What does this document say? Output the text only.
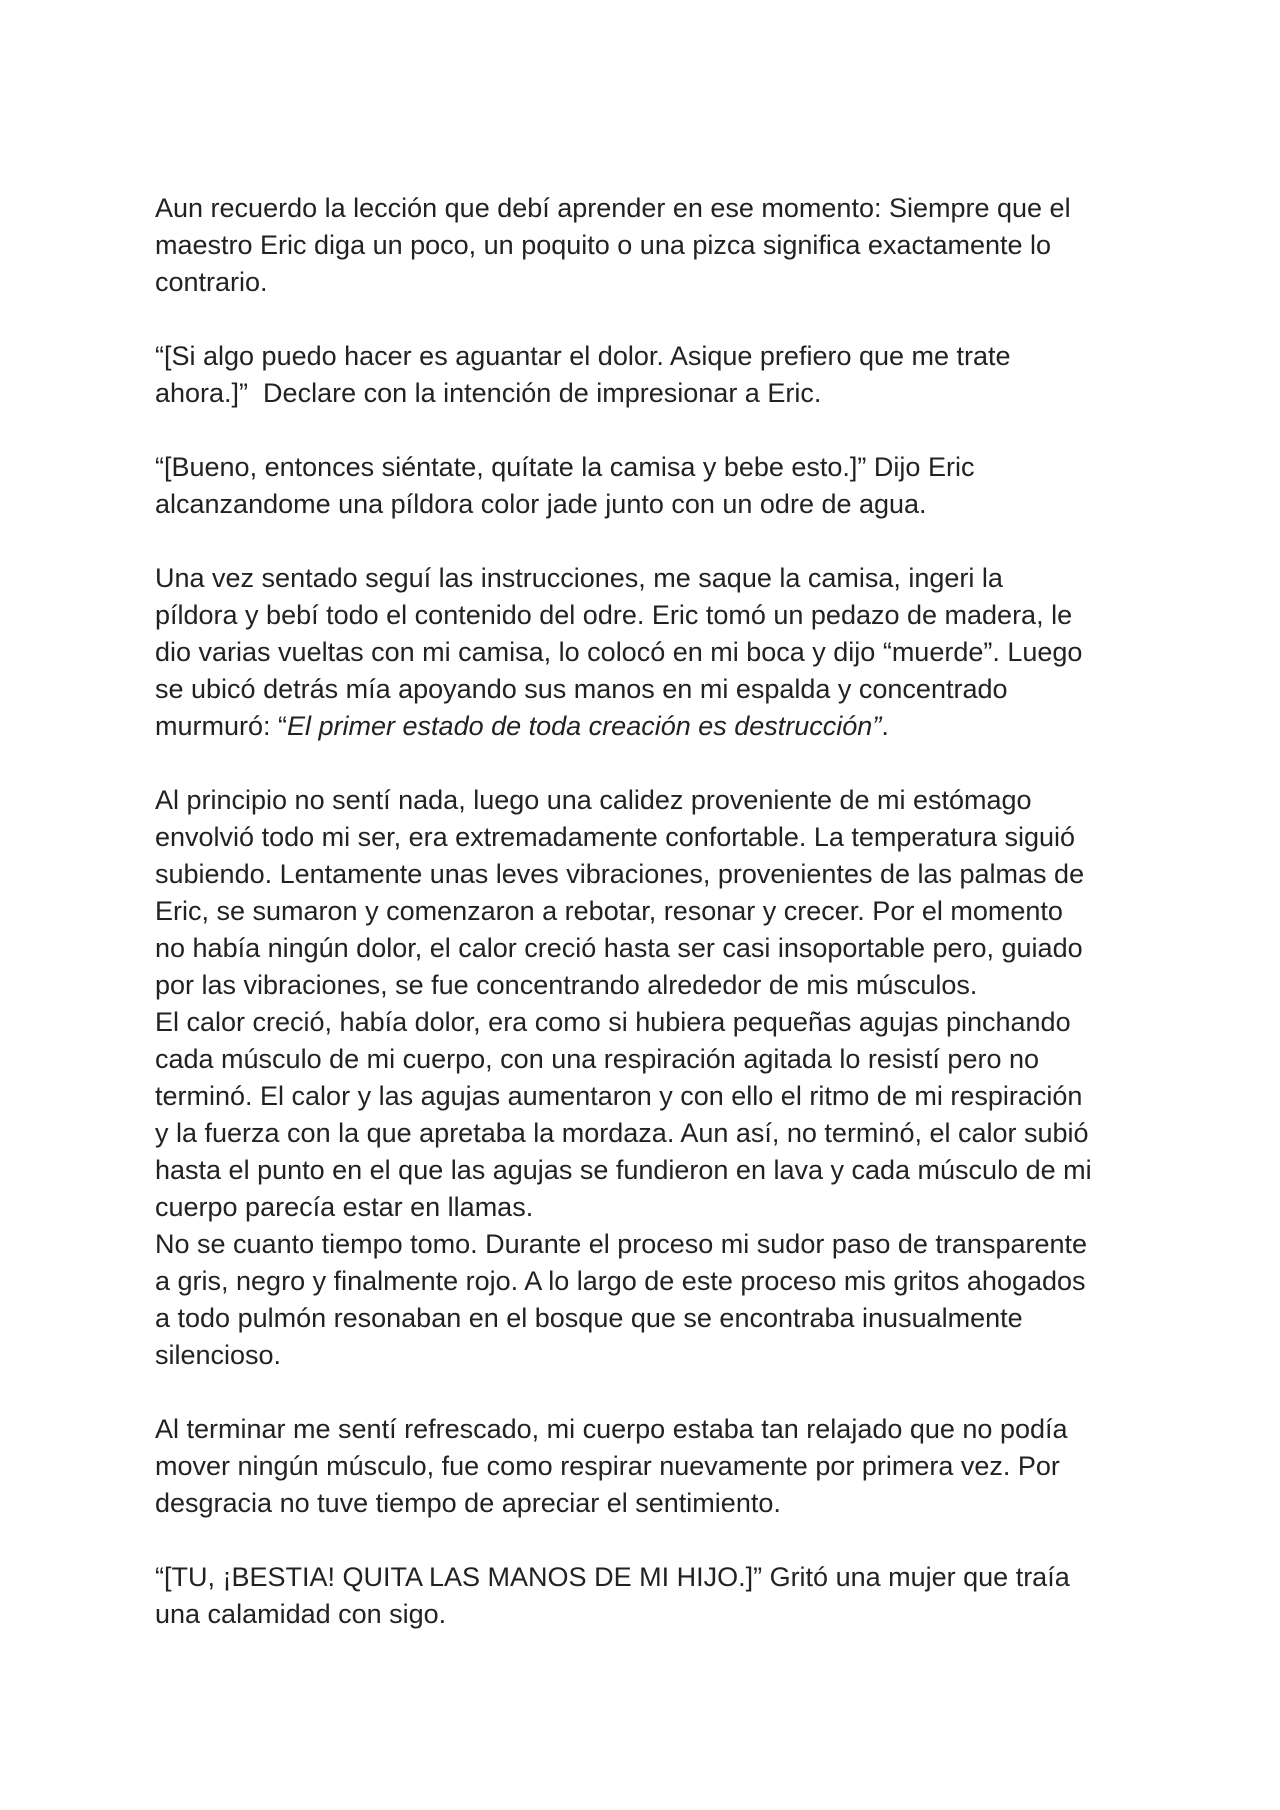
Aun recuerdo la lección que debí aprender en ese momento: Siempre que el
maestro Eric diga un poco, un poquito o una pizca significa exactamente lo
contrario.

“[Si algo puedo hacer es aguantar el dolor. Asique prefiero que me trate
ahora.]”  Declare con la intención de impresionar a Eric.

“[Bueno, entonces siéntate, quítate la camisa y bebe esto.]” Dijo Eric
alcanzandome una píldora color jade junto con un odre de agua.

Una vez sentado seguí las instrucciones, me saque la camisa, ingeri la
píldora y bebí todo el contenido del odre. Eric tomó un pedazo de madera, le
dio varias vueltas con mi camisa, lo colocó en mi boca y dijo “muerde”. Luego
se ubicó detrás mía apoyando sus manos en mi espalda y concentrado
murmuró: “El primer estado de toda creación es destrucción”.

Al principio no sentí nada, luego una calidez proveniente de mi estómago
envolvió todo mi ser, era extremadamente confortable. La temperatura siguió
subiendo. Lentamente unas leves vibraciones, provenientes de las palmas de
Eric, se sumaron y comenzaron a rebotar, resonar y crecer. Por el momento
no había ningún dolor, el calor creció hasta ser casi insoportable pero, guiado
por las vibraciones, se fue concentrando alrededor de mis músculos.
El calor creció, había dolor, era como si hubiera pequeñas agujas pinchando
cada músculo de mi cuerpo, con una respiración agitada lo resistí pero no
terminó. El calor y las agujas aumentaron y con ello el ritmo de mi respiración
y la fuerza con la que apretaba la mordaza. Aun así, no terminó, el calor subió
hasta el punto en el que las agujas se fundieron en lava y cada músculo de mi
cuerpo parecía estar en llamas.
No se cuanto tiempo tomo. Durante el proceso mi sudor paso de transparente
a gris, negro y finalmente rojo. A lo largo de este proceso mis gritos ahogados
a todo pulmón resonaban en el bosque que se encontraba inusualmente
silencioso.

Al terminar me sentí refrescado, mi cuerpo estaba tan relajado que no podía
mover ningún músculo, fue como respirar nuevamente por primera vez. Por
desgracia no tuve tiempo de apreciar el sentimiento.

“[TU, ¡BESTIA! QUITA LAS MANOS DE MI HIJO.]” Gritó una mujer que traía
una calamidad con sigo.
